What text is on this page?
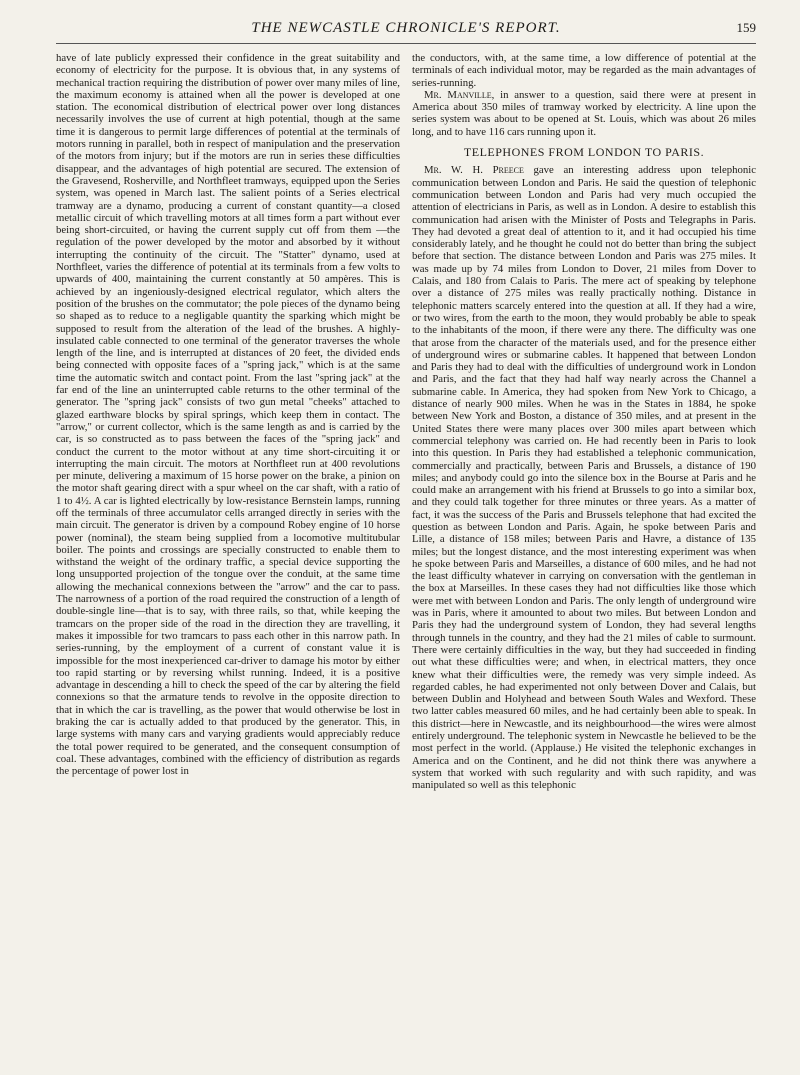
THE NEWCASTLE CHRONICLE'S REPORT.	159

have of late publicly expressed their confidence in the great suitability and economy of electricity for the purpose. It is obvious that, in any systems of mechanical traction requiring the distribution of power over many miles of line, the maximum economy is attained when all the power is developed at one station. The economical distribution of electrical power over long distances necessarily involves the use of current at high potential, though at the same time it is dangerous to permit large differences of potential at the terminals of motors running in parallel, both in respect of manipulation and the preservation of the motors from injury; but if the motors are run in series these difficulties disappear, and the advantages of high potential are secured. The extension of the Gravesend, Rosherville, and Northfleet tramways, equipped upon the Series system, was opened in March last. The salient points of a Series electrical tramway are a dynamo, producing a current of constant quantity—a closed metallic circuit of which travelling motors at all times form a part without ever being short-circuited, or having the current supply cut off from them —the regulation of the power developed by the motor and absorbed by it without interrupting the continuity of the circuit. The "Statter" dynamo, used at Northfleet, varies the difference of potential at its terminals from a few volts to upwards of 400, maintaining the current constantly at 50 ampères. This is achieved by an ingeniously-designed electrical regulator, which alters the position of the brushes on the commutator; the pole pieces of the dynamo being so shaped as to reduce to a negligable quantity the sparking which might be supposed to result from the alteration of the lead of the brushes. A highly-insulated cable connected to one terminal of the generator traverses the whole length of the line, and is interrupted at distances of 20 feet, the divided ends being connected with opposite faces of a "spring jack," which is at the same time the automatic switch and contact point. From the last "spring jack" at the far end of the line an uninterrupted cable returns to the other terminal of the generator. The "spring jack" consists of two gun metal "cheeks" attached to glazed earthware blocks by spiral springs, which keep them in contact. The "arrow," or current collector, which is the same length as and is carried by the car, is so constructed as to pass between the faces of the "spring jack" and conduct the current to the motor without at any time short-circuiting it or interrupting the main circuit. The motors at Northfleet run at 400 revolutions per minute, delivering a maximum of 15 horse power on the brake, a pinion on the motor shaft gearing direct with a spur wheel on the car shaft, with a ratio of 1 to 4½. A car is lighted electrically by low-resistance Bernstein lamps, running off the terminals of three accumulator cells arranged directly in series with the main circuit. The generator is driven by a compound Robey engine of 10 horse power (nominal), the steam being supplied from a locomotive multitubular boiler. The points and crossings are specially constructed to enable them to withstand the weight of the ordinary traffic, a special device supporting the long unsupported projection of the tongue over the conduit, at the same time allowing the mechanical connexions between the "arrow" and the car to pass. The narrowness of a portion of the road required the construction of a length of double-single line—that is to say, with three rails, so that, while keeping the tramcars on the proper side of the road in the direction they are travelling, it makes it impossible for two tramcars to pass each other in this narrow path. In series-running, by the employment of a current of constant value it is impossible for the most inexperienced car-driver to damage his motor by either too rapid starting or by reversing whilst running. Indeed, it is a positive advantage in descending a hill to check the speed of the car by altering the field connexions so that the armature tends to revolve in the opposite direction to that in which the car is travelling, as the power that would otherwise be lost in braking the car is actually added to that produced by the generator. This, in large systems with many cars and varying gradients would appreciably reduce the total power required to be generated, and the consequent consumption of coal. These advantages, combined with the efficiency of distribution as regards the percentage of power lost in

the conductors, with, at the same time, a low difference of potential at the terminals of each individual motor, may be regarded as the main advantages of series-running.

Mr. Manville, in answer to a question, said there were at present in America about 350 miles of tramway worked by electricity. A line upon the series system was about to be opened at St. Louis, which was about 26 miles long, and to have 116 cars running upon it.

TELEPHONES FROM LONDON TO PARIS.

Mr. W. H. Preece gave an interesting address upon telephonic communication between London and Paris. He said the question of telephonic communication between London and Paris had very much occupied the attention of electricians in Paris, as well as in London. A desire to establish this communication had arisen with the Minister of Posts and Telegraphs in Paris. They had devoted a great deal of attention to it, and it had occupied his time considerably lately, and he thought he could not do better than bring the subject before that section. The distance between London and Paris was 275 miles. It was made up by 74 miles from London to Dover, 21 miles from Dover to Calais, and 180 from Calais to Paris. The mere act of speaking by telephone over a distance of 275 miles was really practically nothing. Distance in telephonic matters scarcely entered into the question at all. If they had a wire, or two wires, from the earth to the moon, they would probably be able to speak to the inhabitants of the moon, if there were any there. The difficulty was one that arose from the character of the materials used, and for the presence either of underground wires or submarine cables. It happened that between London and Paris they had to deal with the difficulties of underground work in London and Paris, and the fact that they had half way nearly across the Channel a submarine cable. In America, they had spoken from New York to Chicago, a distance of nearly 900 miles. When he was in the States in 1884, he spoke between New York and Boston, a distance of 350 miles, and at present in the United States there were many places over 300 miles apart between which commercial telephony was carried on. He had recently been in Paris to look into this question. In Paris they had established a telephonic communication, commercially and practically, between Paris and Brussels, a distance of 190 miles; and anybody could go into the silence box in the Bourse at Paris and he could make an arrangement with his friend at Brussels to go into a similar box, and they could talk together for three minutes or three years. As a matter of fact, it was the success of the Paris and Brussels telephone that had excited the question as between London and Paris. Again, he spoke between Paris and Lille, a distance of 158 miles; between Paris and Havre, a distance of 135 miles; but the longest distance, and the most interesting experiment was when he spoke between Paris and Marseilles, a distance of 600 miles, and he had not the least difficulty whatever in carrying on conversation with the gentleman in the box at Marseilles. In these cases they had not difficulties like those which were met with between London and Paris. The only length of underground wire was in Paris, where it amounted to about two miles. But between London and Paris they had the underground system of London, they had several lengths through tunnels in the country, and they had the 21 miles of cable to surmount. There were certainly difficulties in the way, but they had succeeded in finding out what these difficulties were; and when, in electrical matters, they once knew what their difficulties were, the remedy was very simple indeed. As regarded cables, he had experimented not only between Dover and Calais, but between Dublin and Holyhead and between South Wales and Wexford. These two latter cables measured 60 miles, and he had certainly been able to speak. In this district—here in Newcastle, and its neighbourhood—the wires were almost entirely underground. The telephonic system in Newcastle he believed to be the most perfect in the world. (Applause.) He visited the telephonic exchanges in America and on the Continent, and he did not think there was anywhere a system that worked with such regularity and with such rapidity, and was manipulated so well as this telephonic
